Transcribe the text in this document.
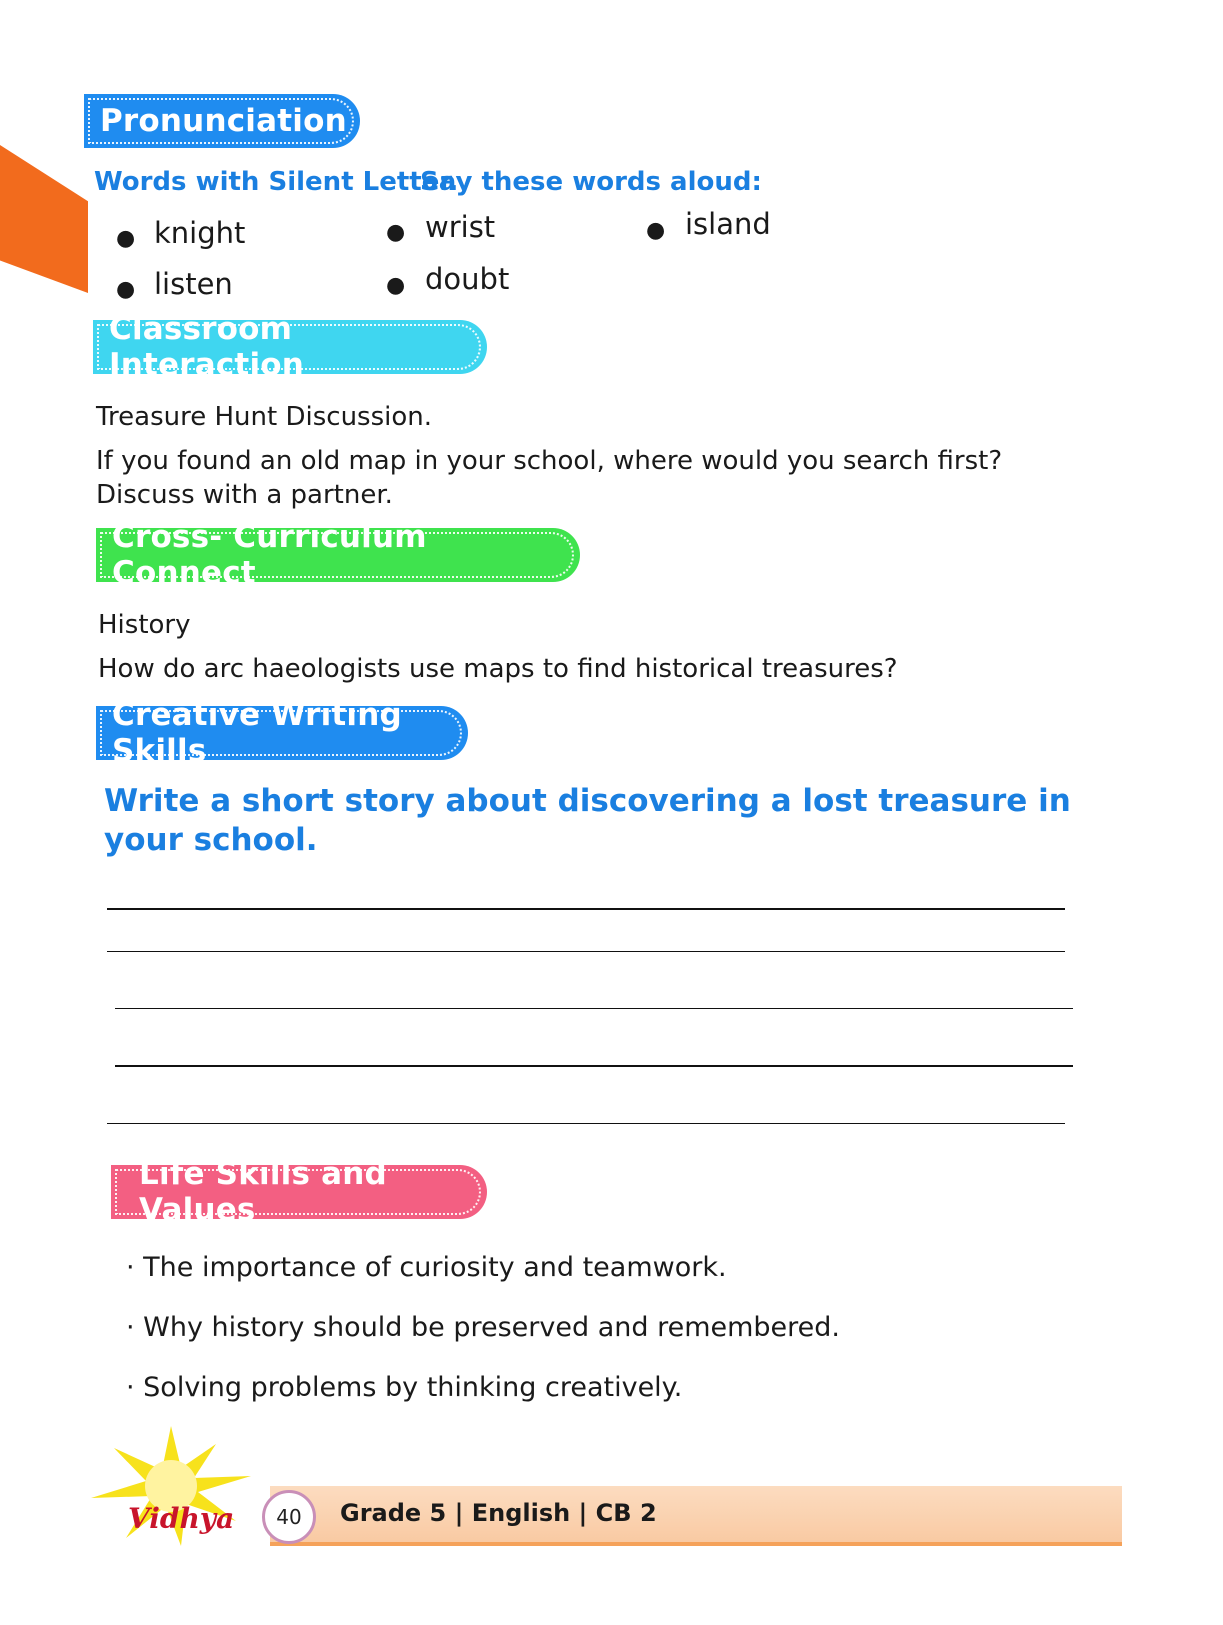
Pronunciation
Words with Silent Letter.
Say these words aloud:
● knight	● wrist	● island
● listen	● doubt
Classroom Interaction
Treasure Hunt Discussion.
If you found an old map in your school, where would you search first?
Discuss with a partner.
Cross- Curriculum Connect
History
How do arc haeologists use maps to find historical treasures?
Creative Writing Skills
Write a short story about discovering a lost treasure in
your school.
Life Skills and Values
· The importance of curiosity and teamwork.
· Why history should be preserved and remembered.
· Solving problems by thinking creatively.
Vidhya 40 Grade 5 | English | CB 2
